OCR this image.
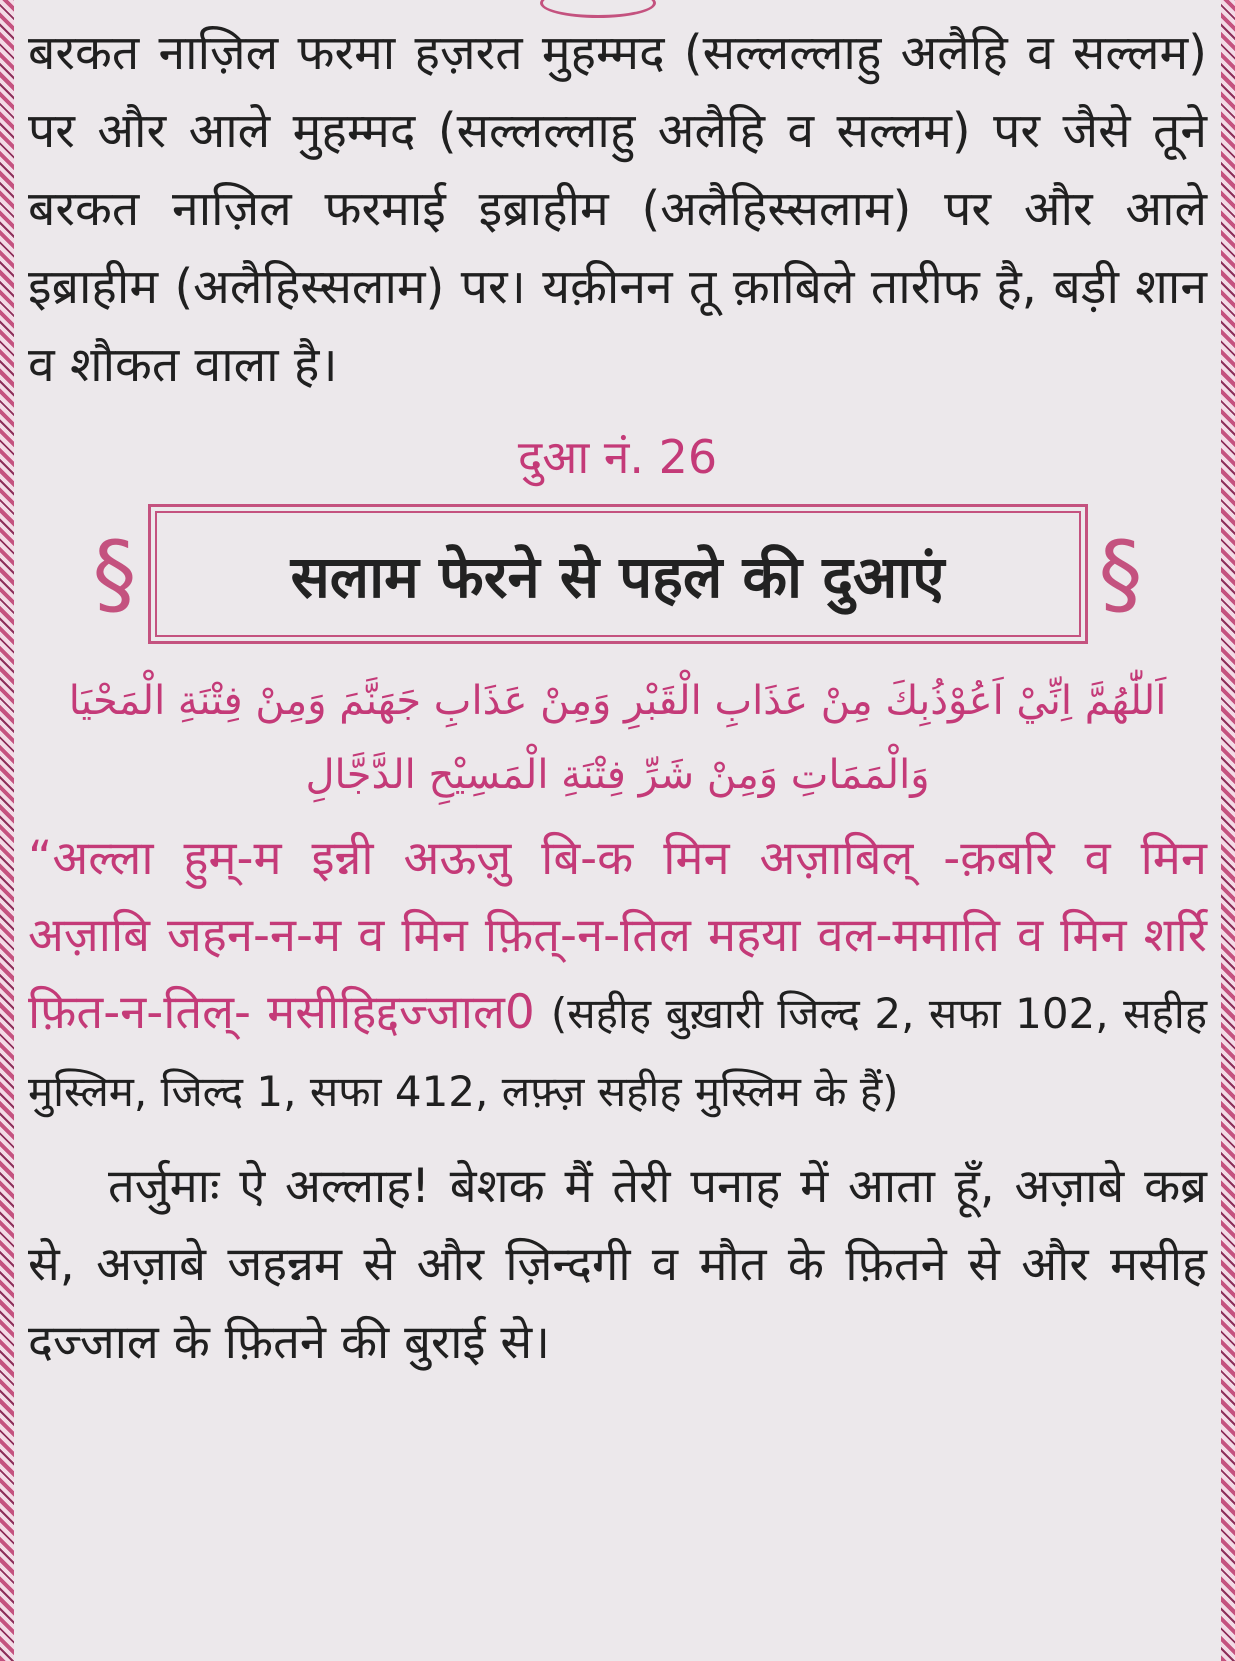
बरकत नाज़िल फरमा हज़रत मुहम्मद (सल्लल्लाहु अलैहि व सल्लम) पर और आले मुहम्मद (सल्लल्लाहु अलैहि व सल्लम) पर जैसे तूने बरकत नाज़िल फरमाई इब्राहीम (अलैहिस्सलाम) पर और आले इब्राहीम (अलैहिस्सलाम) पर। यक़ीनन तू क़ाबिले तारीफ है, बड़ी शान व शौकत वाला है।

दुआ नं. 26

§	सलाम फेरने से पहले की दुआएं §

اَللّٰهُمَّ اِنِّيْ اَعُوْذُبِكَ مِنْ عَذَابِ الْقَبْرِ وَمِنْ عَذَابِ جَهَنَّمَ وَمِنْ فِتْنَةِ الْمَحْيَا وَالْمَمَاتِ وَمِنْ شَرِّ فِتْنَةِ الْمَسِيْحِ الدَّجَّالِ

“अल्ला हुम्-म इन्नी अऊज़ु बि-क मिन अज़ाबिल् -क़बरि व मिन अज़ाबि जहन-न-म व मिन फ़ित्-न-तिल महया वल-ममाति व मिन शर्रि फ़ित-न-तिल्- मसीहिद्दज्जाल0 (सहीह बुख़ारी जिल्द 2, सफा 102, सहीह मुस्लिम, जिल्द 1, सफा 412, लफ़्ज़ सहीह मुस्लिम के हैं)

तर्जुमाः ऐ अल्लाह! बेशक मैं तेरी पनाह में आता हूँ, अज़ाबे कब्र से, अज़ाबे जहन्नम से और ज़िन्दगी व मौत के फ़ितने से और मसीह दज्जाल के फ़ितने की बुराई से।
